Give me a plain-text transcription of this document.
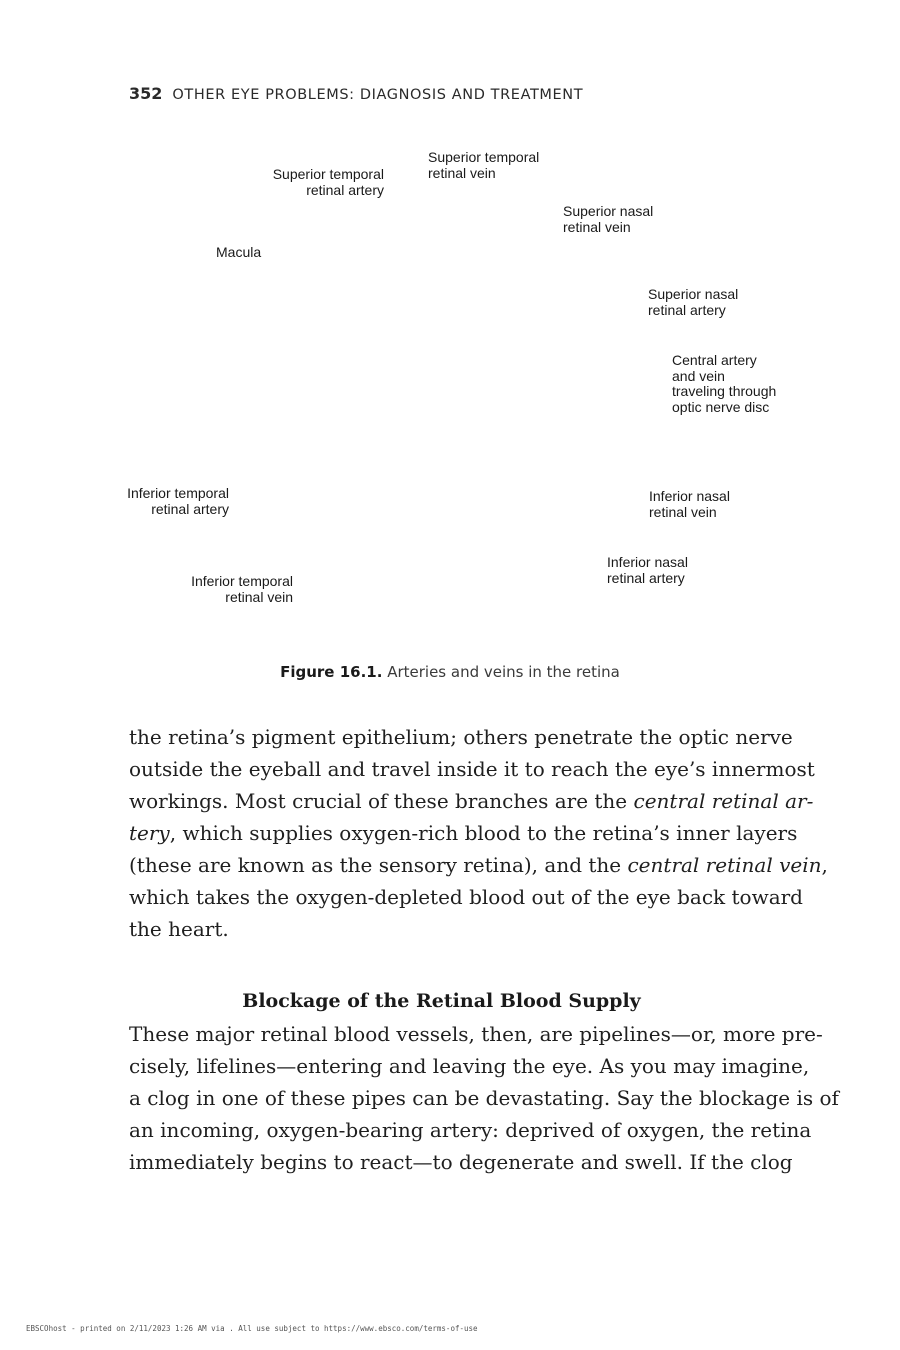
352 OTHER EYE PROBLEMS: DIAGNOSIS AND TREATMENT
Superior temporal
retinal artery
Superior temporal
retinal vein
Superior nasal
retinal vein
Macula
Superior nasal
retinal artery
Central artery
and vein
traveling through
optic nerve disc
Inferior temporal
retinal artery
Inferior nasal
retinal vein
Inferior nasal
retinal artery
Inferior temporal
retinal vein
Figure 16.1. Arteries and veins in the retina
the retina’s pigment epithelium; others penetrate the optic nerve
outside the eyeball and travel inside it to reach the eye’s innermost
workings. Most crucial of these branches are the central retinal ar-
tery, which supplies oxygen-rich blood to the retina’s inner layers
(these are known as the sensory retina), and the central retinal vein,
which takes the oxygen-depleted blood out of the eye back toward
the heart.
Blockage of the Retinal Blood Supply
These major retinal blood vessels, then, are pipelines—or, more pre-
cisely, lifelines—entering and leaving the eye. As you may imagine,
a clog in one of these pipes can be devastating. Say the blockage is of
an incoming, oxygen-bearing artery: deprived of oxygen, the retina
immediately begins to react—to degenerate and swell. If the clog
EBSCOhost - printed on 2/11/2023 1:26 AM via . All use subject to https://www.ebsco.com/terms-of-use
